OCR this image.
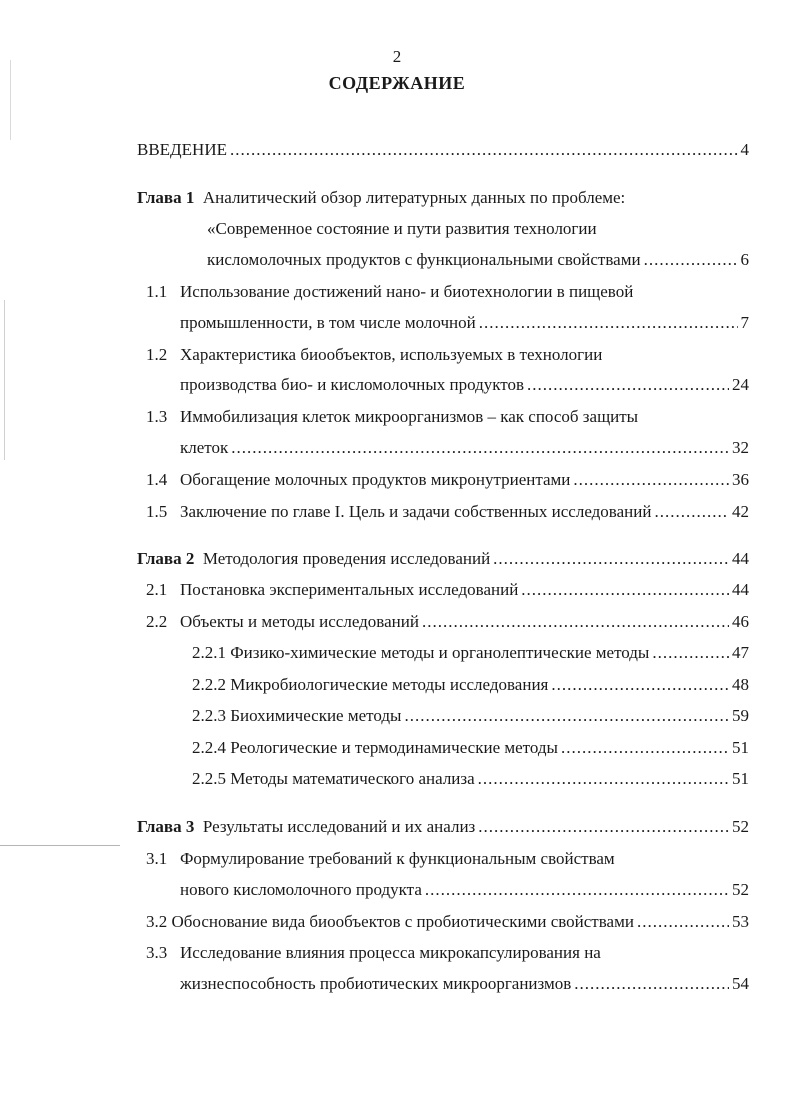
2
СОДЕРЖАНИЕ
ВВЕДЕНИЕ .....	4
Глава 1 Аналитический обзор литературных данных по проблеме:
«Современное состояние и пути развития технологии
кисломолочных продуктов с функциональными свойствами .....	6
1.1 Использование достижений нано- и биотехнологии в пищевой
промышленности, в том числе молочной .....	7
1.2 Характеристика биообъектов, используемых в технологии
производства био- и кисломолочных продуктов .....	24
1.3 Иммобилизация клеток микроорганизмов – как способ защиты
клеток .....	32
1.4 Обогащение молочных продуктов микронутриентами .....	36
1.5 Заключение по главе I. Цель и задачи собственных исследований .....	42
Глава 2 Методология проведения исследований .....	44
2.1 Постановка экспериментальных исследований .....	44
2.2 Объекты и методы исследований .....	46
2.2.1 Физико-химические методы и органолептические методы .....	47
2.2.2 Микробиологические методы исследования .....	48
2.2.3 Биохимические методы .....	59
2.2.4 Реологические и термодинамические методы .....	51
2.2.5 Методы математического анализа .....	51
Глава 3 Результаты исследований и их анализ .....	52
3.1 Формулирование требований к функциональным свойствам
нового кисломолочного продукта .....	52
3.2 Обоснование вида биообъектов с пробиотическими свойствами .....	53
3.3 Исследование влияния процесса микрокапсулирования на
жизнеспособность пробиотических микроорганизмов .....	54
